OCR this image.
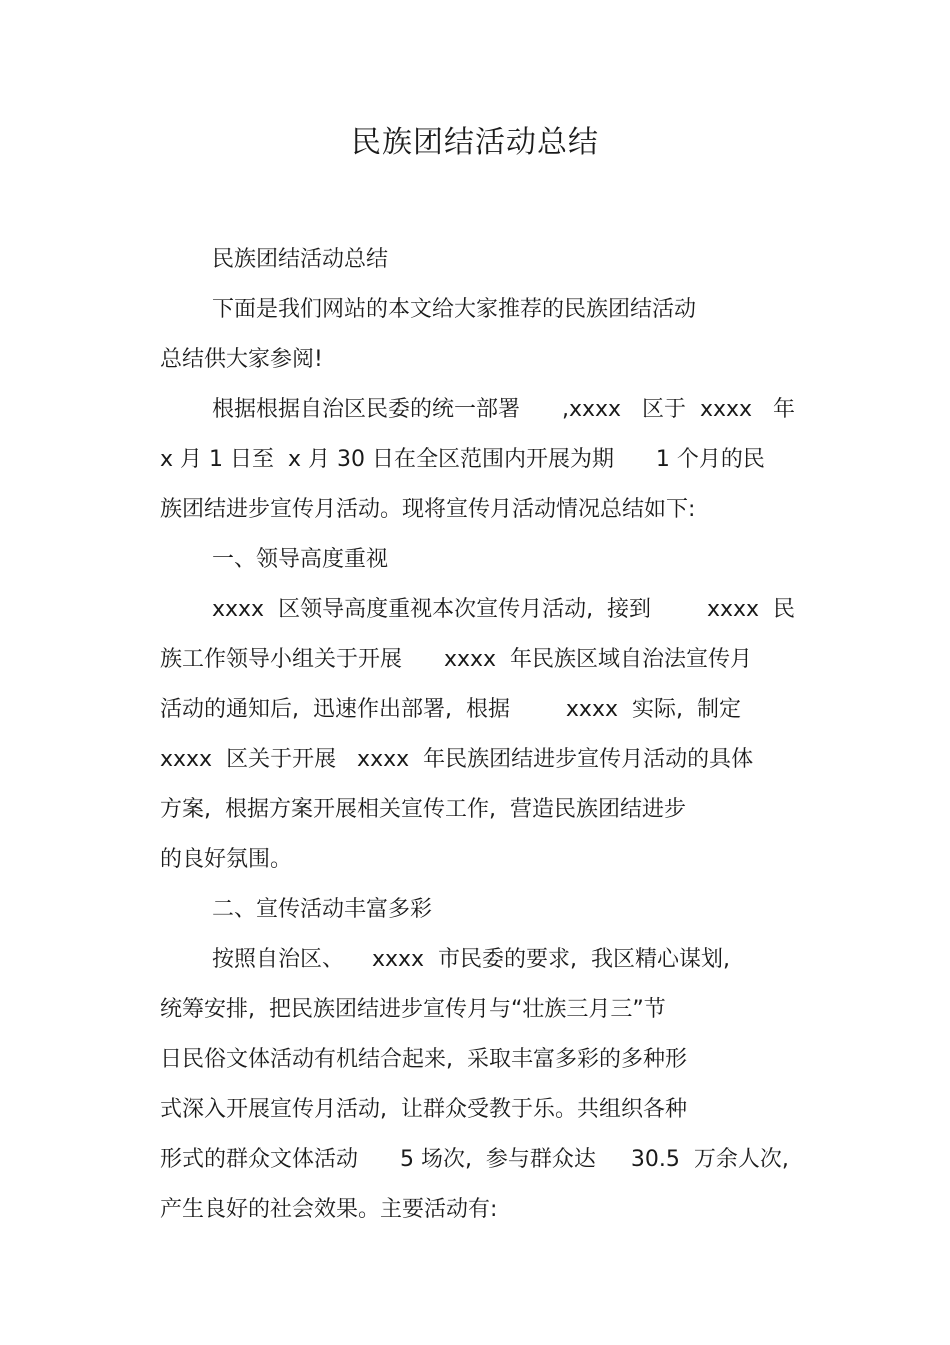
民族团结活动总结
民族团结活动总结
下面是我们网站的本文给大家推荐的民族团结活动
总结供大家参阅!
根据根据自治区民委的统一部署      ,xxxx   区于  xxxx   年
x 月 1 日至  x 月 30 日在全区范围内开展为期      1 个月的民
族团结进步宣传月活动。现将宣传月活动情况总结如下:
一、领导高度重视
xxxx  区领导高度重视本次宣传月活动,  接到        xxxx  民
族工作领导小组关于开展      xxxx  年民族区域自治法宣传月
活动的通知后,  迅速作出部署,  根据        xxxx  实际,  制定
xxxx  区关于开展   xxxx  年民族团结进步宣传月活动的具体
方案,  根据方案开展相关宣传工作,  营造民族团结进步
的良好氛围。
二、宣传活动丰富多彩
按照自治区、    xxxx  市民委的要求,  我区精心谋划,
统筹安排,  把民族团结进步宣传月与“壮族三月三”节
日民俗文体活动有机结合起来,  采取丰富多彩的多种形
式深入开展宣传月活动,  让群众受教于乐。共组织各种
形式的群众文体活动      5 场次,  参与群众达     30.5  万余人次,
产生良好的社会效果。主要活动有:
